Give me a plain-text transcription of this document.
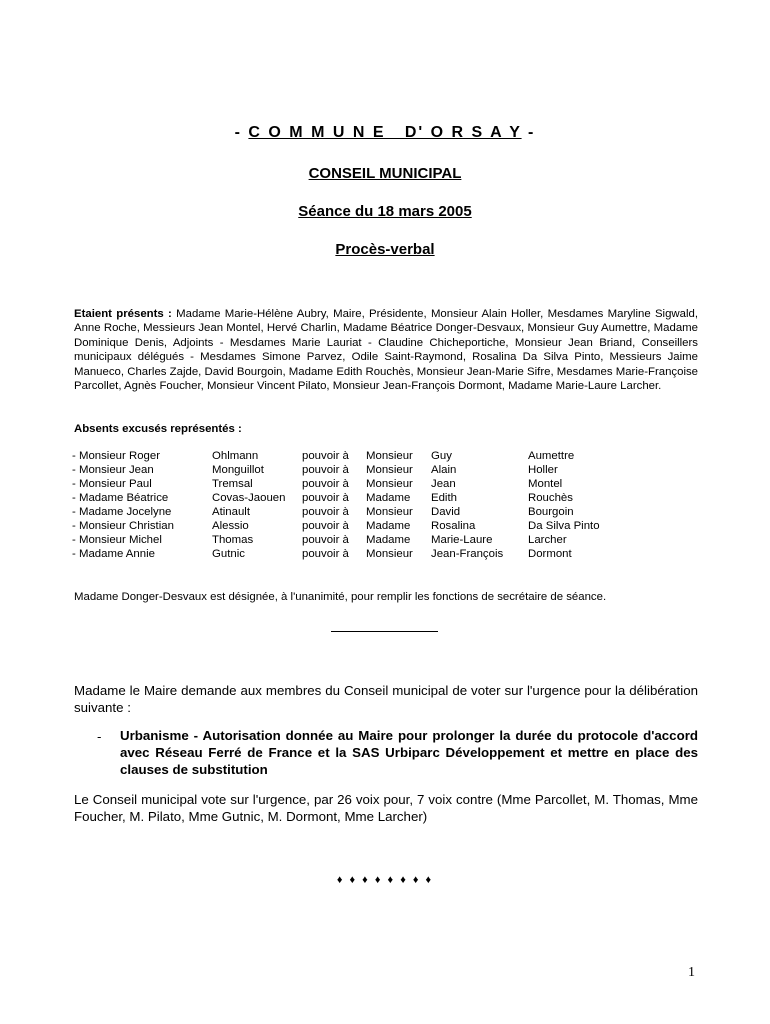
- C O M M U N E   D' O R S A Y -
CONSEIL MUNICIPAL
Séance du 18 mars 2005
Procès-verbal
Etaient présents : Madame Marie-Hélène Aubry, Maire, Présidente, Monsieur Alain Holler, Mesdames Maryline Sigwald, Anne Roche, Messieurs Jean Montel, Hervé Charlin, Madame Béatrice Donger-Desvaux, Monsieur Guy Aumettre, Madame Dominique Denis, Adjoints - Mesdames Marie Lauriat - Claudine Chicheportiche, Monsieur Jean Briand, Conseillers municipaux délégués - Mesdames Simone Parvez, Odile Saint-Raymond, Rosalina Da Silva Pinto, Messieurs Jaime Manueco, Charles Zajde, David Bourgoin, Madame Edith Rouchès, Monsieur Jean-Marie Sifre, Mesdames Marie-Françoise Parcollet, Agnès Foucher, Monsieur Vincent Pilato, Monsieur Jean-François Dormont, Madame Marie-Laure Larcher.
Absents excusés représentés :
- Monsieur Roger	Ohlmann	pouvoir à	Monsieur	Guy	Aumettre
- Monsieur Jean	Monguillot	pouvoir à	Monsieur	Alain	Holler
- Monsieur Paul	Tremsal	pouvoir à	Monsieur	Jean	Montel
- Madame Béatrice	Covas-Jaouen	pouvoir à	Madame	Edith	Rouchès
- Madame Jocelyne	Atinault	pouvoir à	Monsieur	David	Bourgoin
- Monsieur Christian	Alessio	pouvoir à	Madame	Rosalina	Da Silva Pinto
- Monsieur Michel	Thomas	pouvoir à	Madame	Marie-Laure	Larcher
- Madame Annie	Gutnic	pouvoir à	Monsieur	Jean-François	Dormont
Madame Donger-Desvaux est désignée, à l'unanimité, pour remplir les fonctions de secrétaire de séance.
Madame le Maire demande aux membres du Conseil municipal de voter sur l'urgence pour la délibération suivante :
- Urbanisme - Autorisation donnée au Maire pour prolonger la durée du protocole d'accord avec Réseau Ferré de France et la SAS Urbiparc Développement et mettre en place des clauses de substitution
Le Conseil municipal vote sur l'urgence, par 26 voix pour, 7 voix contre (Mme Parcollet, M. Thomas, Mme Foucher, M. Pilato, Mme Gutnic, M. Dormont, Mme Larcher)
♦ ♦ ♦ ♦ ♦ ♦ ♦ ♦
1
